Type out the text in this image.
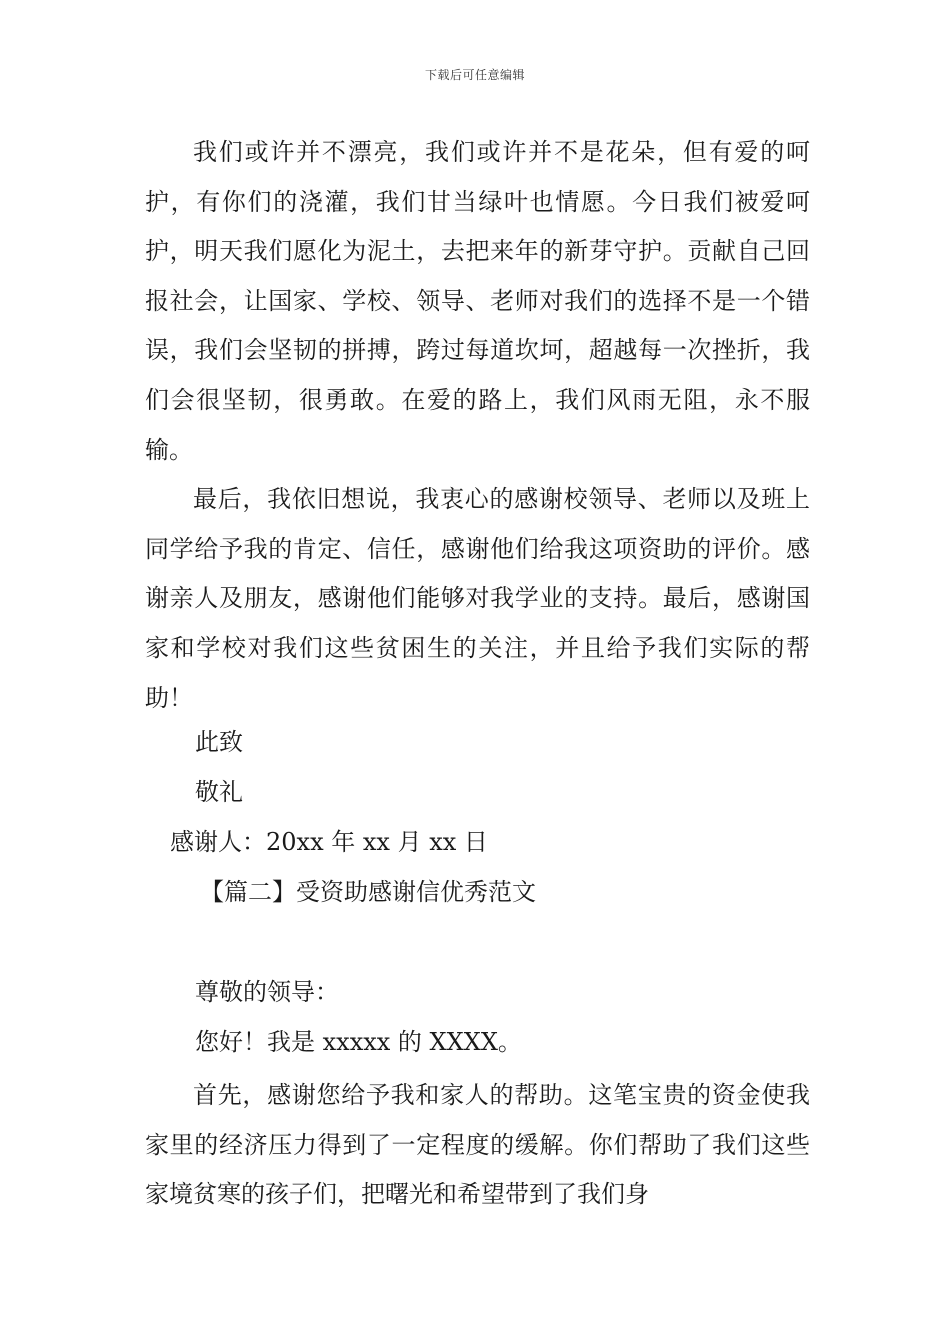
下载后可任意编辑

我们或许并不漂亮，我们或许并不是花朵，但有爱的呵护，有你们的浇灌，我们甘当绿叶也情愿。今日我们被爱呵护，明天我们愿化为泥土，去把来年的新芽守护。贡献自己回报社会，让国家、学校、领导、老师对我们的选择不是一个错误，我们会坚韧的拼搏，跨过每道坎坷，超越每一次挫折，我们会很坚韧，很勇敢。在爱的路上，我们风雨无阻，永不服输。

最后，我依旧想说，我衷心的感谢校领导、老师以及班上同学给予我的肯定、信任，感谢他们给我这项资助的评价。感谢亲人及朋友，感谢他们能够对我学业的支持。最后，感谢国家和学校对我们这些贫困生的关注，并且给予我们实际的帮助！

此致
敬礼
感谢人：20xx 年 xx 月 xx 日
【篇二】受资助感谢信优秀范文
尊敬的领导：
您好！我是 xxxxx 的 XXXX。

首先，感谢您给予我和家人的帮助。这笔宝贵的资金使我家里的经济压力得到了一定程度的缓解。你们帮助了我们这些家境贫寒的孩子们，把曙光和希望带到了我们身
